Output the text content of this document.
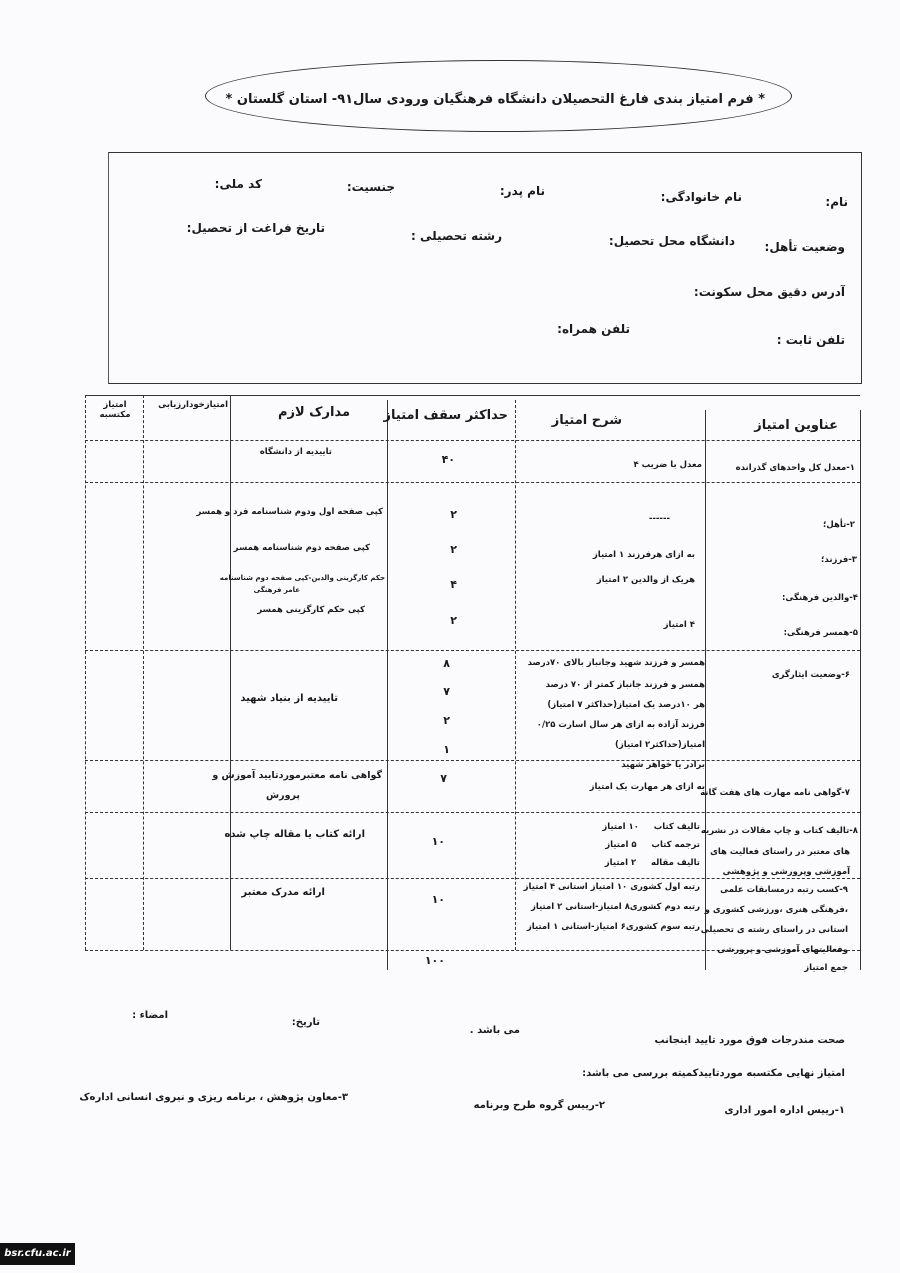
* فرم امتیاز بندی فارغ التحصیلان دانشگاه فرهنگیان ورودی سال۹۱- استان گلستان *
نام:
نام خانوادگی:
نام پدر:
جنسیت:
کد ملی:
وضعیت تأهل:
دانشگاه محل تحصیل:
رشته تحصیلی :
تاریخ فراغت از تحصیل:
آدرس دقیق محل سکونت:
تلفن ثابت :
تلفن همراه:
عناوین امتیاز
شرح امتیاز
حداکثر سقف امتیاز
مدارک لازم
امتیازخودارزیابی
امتیاز مکتسبه
۱-معدل کل واحدهای گذرانده
معدل با ضریب ۴
۴۰
تاییدیه از دانشگاه
۲-تأهل؛
۳-فرزند؛
۴-والدین فرهنگی:
۵-همسر فرهنگی:
------
به ازای هرفرزند ۱ امتیاز
هریک از والدین ۲ امتیاز
۴ امتیاز
۲
۲
۴
۲
کپی صفحه اول ودوم شناسنامه فرد و همسر
کپی صفحه دوم شناسنامه همسر
حکم کارگزینی والدین-کپی صفحه دوم شناسنامه
عامر فرهنگی
کپی حکم کارگزینی همسر
۶-وضعیت ایثارگری
همسر و فرزند شهید وجانباز بالای ۷۰درصد
همسر و فرزند جانباز کمتر از ۷۰ درصد
هر ۱۰درصد یک امتیاز(حداکثر ۷ امتیاز)
فرزند آزاده به ازای هر سال اسارت ۰/۲۵
امتیاز(حداکثر۲ امتیاز)
برادر یا خواهر شهید
۸
۷
۲
۱
تاییدیه از بنیاد شهید
۷-گواهی نامه مهارت های هفت گانه
به ازای هر مهارت یک امتیاز
۷
گواهی نامه معتبرموردتایید آموزش و
پرورش
۸-تالیف کتاب و چاپ مقالات در نشریه
های معتبر در راستای فعالیت های
آموزشی وپرورشی و پژوهشی
تالیف کتاب     ۱۰ امتیاز
ترجمه کتاب     ۵ امتیاز
تالیف مقاله     ۲ امتیاز
۱۰
ارائه کتاب یا مقاله چاپ شده
۹-کسب رتبه درمسابقات علمی
،فرهنگی هنری ،ورزشی کشوری و
استانی در راستای رشته ی تحصیلی
وفعالیتهای آموزشی و پرورشی
رتبه اول کشوری ۱۰ امتیاز استانی ۴ امتیاز
رتبه دوم کشوری۸ امتیاز-استانی ۲ امتیاز
رتبه سوم کشوری۶ امتیاز-استانی ۱ امتیاز
۱۰
ارائه مدرک معتبر
جمع امتیاز
۱۰۰
صحت مندرجات فوق مورد تایید اینجانب
می باشد .
تاریخ:
امضاء :
امتیاز نهایی مکتسبه موردتاییدکمیته بررسی می باشد:
۱-رییس اداره امور اداری
۲-رییس گروه طرح وبرنامه
۳-معاون پژوهش ، برنامه ریزی و نیروی انسانی اداره‌ک
bsr.cfu.ac.ir
